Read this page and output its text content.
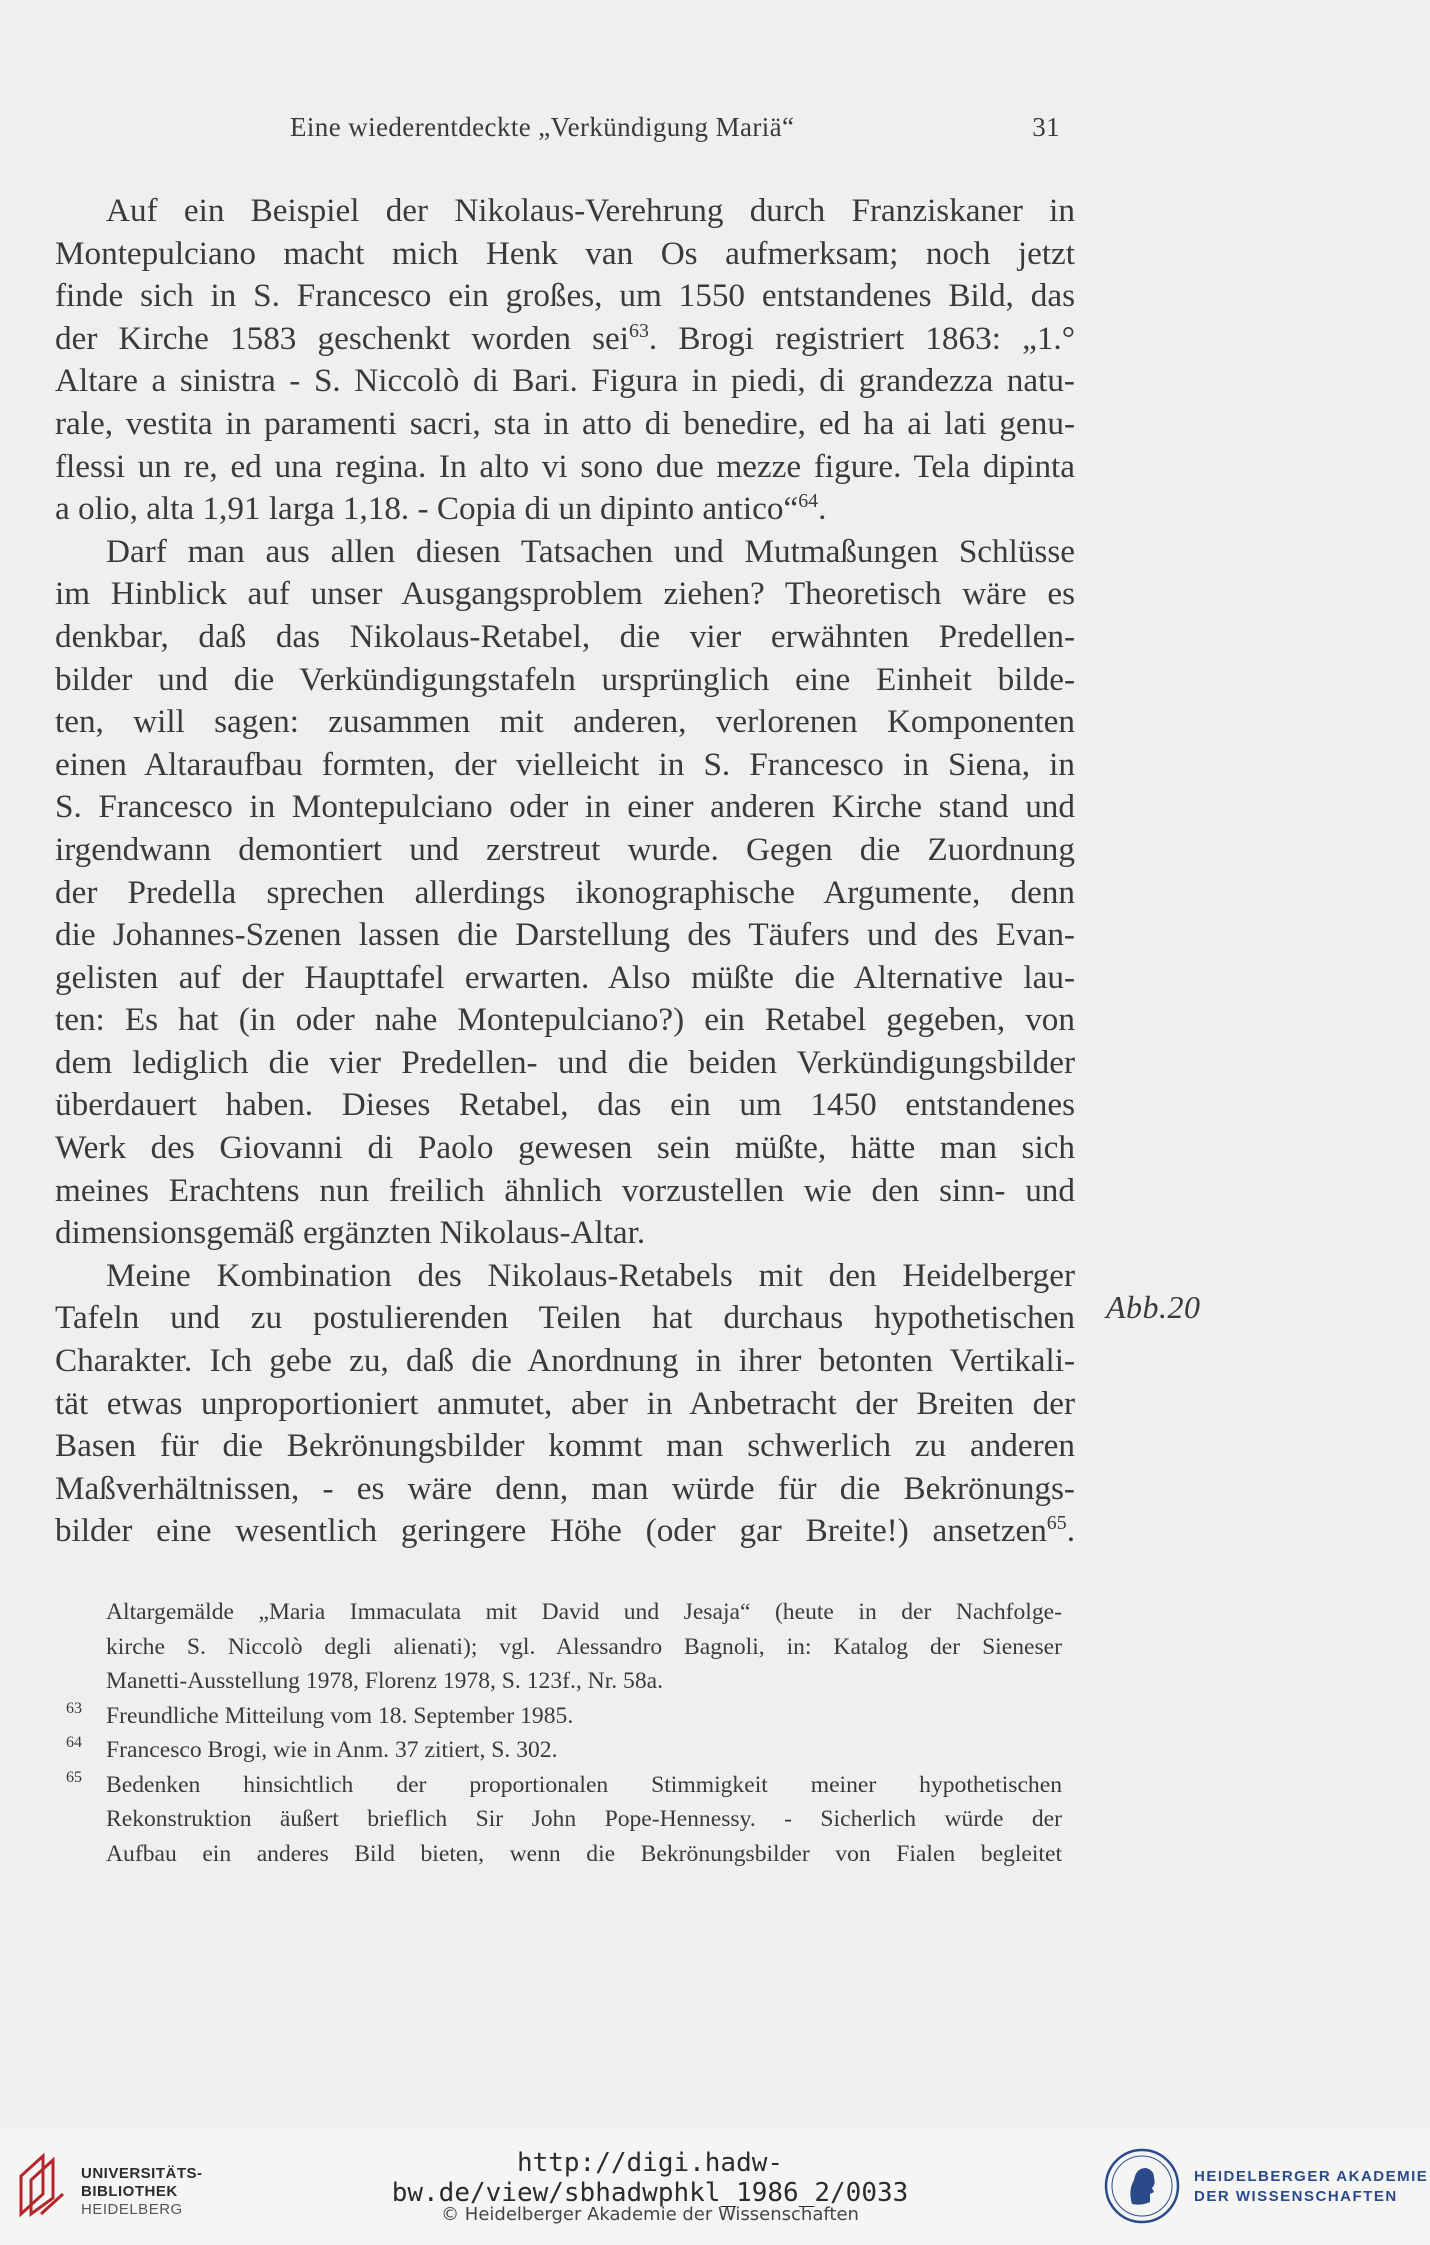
Eine wiederentdeckte „Verkündigung Mariä“	31
Auf ein Beispiel der Nikolaus-Verehrung durch Franziskaner in
Montepulciano macht mich Henk van Os aufmerksam; noch jetzt
finde sich in S. Francesco ein großes, um 1550 entstandenes Bild, das
der Kirche 1583 geschenkt worden sei$^{63}$. Brogi registriert 1863: „1.°
Altare a sinistra - S. Niccolò di Bari. Figura in piedi, di grandezza natu-
rale, vestita in paramenti sacri, sta in atto di benedire, ed ha ai lati genu-
flessi un re, ed una regina. In alto vi sono due mezze figure. Tela dipinta
a olio, alta 1,91 larga 1,18. - Copia di un dipinto antico“$^{64}$.
Darf man aus allen diesen Tatsachen und Mutmaßungen Schlüsse
im Hinblick auf unser Ausgangsproblem ziehen? Theoretisch wäre es
denkbar, daß das Nikolaus-Retabel, die vier erwähnten Predellen-
bilder und die Verkündigungstafeln ursprünglich eine Einheit bilde-
ten, will sagen: zusammen mit anderen, verlorenen Komponenten
einen Altaraufbau formten, der vielleicht in S. Francesco in Siena, in
S. Francesco in Montepulciano oder in einer anderen Kirche stand und
irgendwann demontiert und zerstreut wurde. Gegen die Zuordnung
der Predella sprechen allerdings ikonographische Argumente, denn
die Johannes-Szenen lassen die Darstellung des Täufers und des Evan-
gelisten auf der Haupttafel erwarten. Also müßte die Alternative lau-
ten: Es hat (in oder nahe Montepulciano?) ein Retabel gegeben, von
dem lediglich die vier Predellen- und die beiden Verkündigungsbilder
überdauert haben. Dieses Retabel, das ein um 1450 entstandenes
Werk des Giovanni di Paolo gewesen sein müßte, hätte man sich
meines Erachtens nun freilich ähnlich vorzustellen wie den sinn- und
dimensionsgemäß ergänzten Nikolaus-Altar.
Meine Kombination des Nikolaus-Retabels mit den Heidelberger
Tafeln und zu postulierenden Teilen hat durchaus hypothetischen
Charakter. Ich gebe zu, daß die Anordnung in ihrer betonten Vertikali-
tät etwas unproportioniert anmutet, aber in Anbetracht der Breiten der
Basen für die Bekrönungsbilder kommt man schwerlich zu anderen
Maßverhältnissen, - es wäre denn, man würde für die Bekrönungs-
bilder eine wesentlich geringere Höhe (oder gar Breite!) ansetzen$^{65}$.
Abb.20
Altargemälde „Maria Immaculata mit David und Jesaja“ (heute in der Nachfolge-
kirche S. Niccolò degli alienati); vgl. Alessandro Bagnoli, in: Katalog der Sieneser
Manetti-Ausstellung 1978, Florenz 1978, S. 123f., Nr. 58a.
63 Freundliche Mitteilung vom 18. September 1985.
64 Francesco Brogi, wie in Anm. 37 zitiert, S. 302.
65 Bedenken hinsichtlich der proportionalen Stimmigkeit meiner hypothetischen
Rekonstruktion äußert brieflich Sir John Pope-Hennessy. - Sicherlich würde der
Aufbau ein anderes Bild bieten, wenn die Bekrönungsbilder von Fialen begleitet
UNIVERSITÄTS-
BIBLIOTHEK
HEIDELBERG
http://digi.hadw-bw.de/view/sbhadwphkl_1986_2/0033
© Heidelberger Akademie der Wissenschaften
HEIDELBERGER AKADEMIE
DER WISSENSCHAFTEN
